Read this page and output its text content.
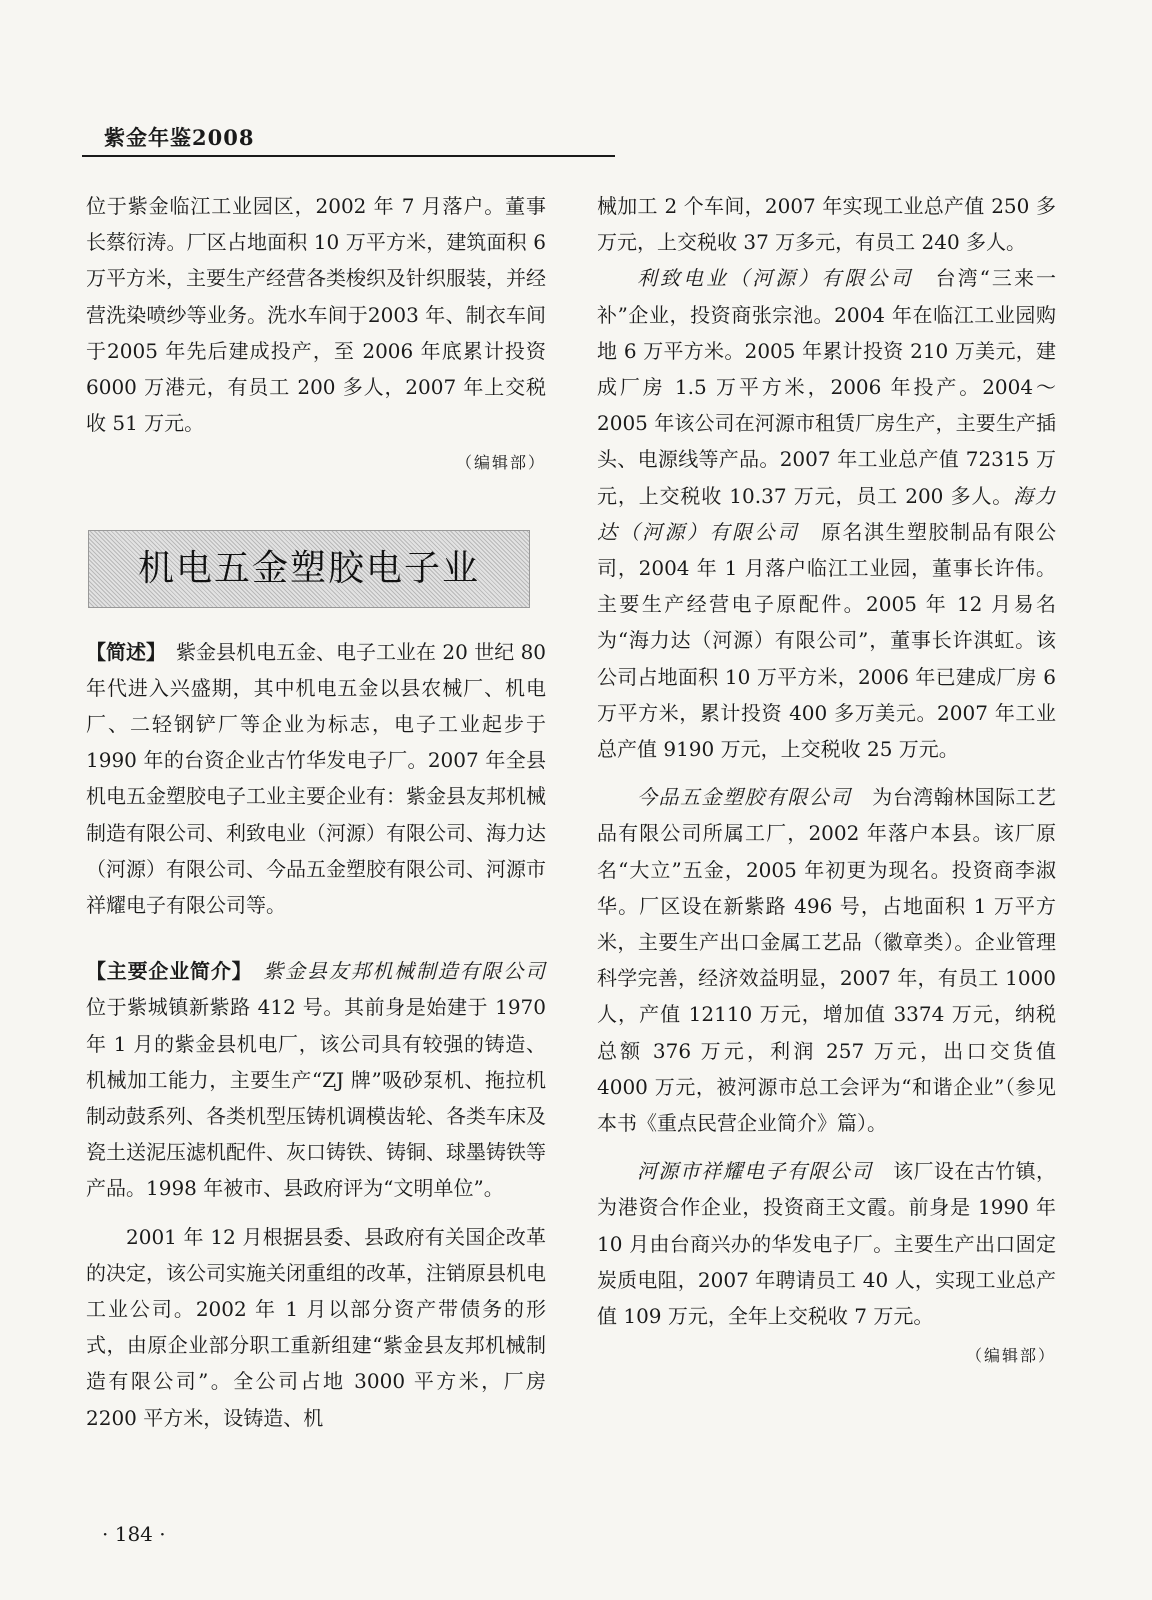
紫金年鉴2008

位于紫金临江工业园区，2002 年 7 月落户。董事长蔡衍涛。厂区占地面积 10 万平方米，建筑面积 6 万平方米，主要生产经营各类梭织及针织服装，并经营洗染喷纱等业务。洗水车间于2003 年、制衣车间于2005 年先后建成投产，至 2006 年底累计投资 6000 万港元，有员工 200 多人，2007 年上交税收 51 万元。

（编辑部）

机电五金塑胶电子业

【简述】　 紫金县机电五金、电子工业在 20 世纪 80 年代进入兴盛期，其中机电五金以县农械厂、机电厂、二轻钢铲厂等企业为标志，电子工业起步于 1990 年的台资企业古竹华发电子厂。2007 年全县机电五金塑胶电子工业主要企业有：紫金县友邦机械制造有限公司、利致电业（河源）有限公司、海力达（河源）有限公司、今品五金塑胶有限公司、河源市祥耀电子有限公司等。

【主要企业简介】　 紫金县友邦机械制造有限公司　位于紫城镇新紫路 412 号。其前身是始建于 1970 年 1 月的紫金县机电厂，该公司具有较强的铸造、机械加工能力，主要生产“ZJ 牌”吸砂泵机、拖拉机制动鼓系列、各类机型压铸机调模齿轮、各类车床及瓷土送泥压滤机配件、灰口铸铁、铸铜、球墨铸铁等产品。1998 年被市、县政府评为“文明单位”。

2001 年 12 月根据县委、县政府有关国企改革的决定，该公司实施关闭重组的改革，注销原县机电工业公司。2002 年 1 月以部分资产带债务的形式，由原企业部分职工重新组建“紫金县友邦机械制造有限公司”。全公司占地 3000 平方米，厂房 2200 平方米，设铸造、机

械加工 2 个车间，2007 年实现工业总产值 250 多万元，上交税收 37 万多元，有员工 240 多人。

利致电业（河源）有限公司　 台湾“三来一补”企业，投资商张宗池。2004 年在临江工业园购地 6 万平方米。2005 年累计投资 210 万美元，建成厂房 1.5 万平方米，2006 年投产。2004～2005 年该公司在河源市租赁厂房生产，主要生产插头、电源线等产品。2007 年工业总产值 72315 万元，上交税收 10.37 万元，员工 200 多人。海力达（河源）有限公司　 原名淇生塑胶制品有限公司，2004 年 1 月落户临江工业园，董事长许伟。主要生产经营电子原配件。2005 年 12 月易名为“海力达（河源）有限公司”，董事长许淇虹。该公司占地面积 10 万平方米，2006 年已建成厂房 6 万平方米，累计投资 400 多万美元。2007 年工业总产值 9190 万元，上交税收 25 万元。

今品五金塑胶有限公司　 为台湾翰林国际工艺品有限公司所属工厂，2002 年落户本县。该厂原名“大立”五金，2005 年初更为现名。投资商李淑华。厂区设在新紫路 496 号，占地面积 1 万平方米，主要生产出口金属工艺品（徽章类）。企业管理科学完善，经济效益明显，2007 年，有员工 1000 人，产值 12110 万元，增加值 3374 万元，纳税总额 376 万元，利润 257 万元，出口交货值 4000 万元，被河源市总工会评为“和谐企业”（参见本书《重点民营企业简介》篇）。

河源市祥耀电子有限公司　 该厂设在古竹镇，为港资合作企业，投资商王文霞。前身是 1990 年 10 月由台商兴办的华发电子厂。主要生产出口固定炭质电阻，2007 年聘请员工 40 人，实现工业总产值 109 万元，全年上交税收 7 万元。

（编辑部）

· 184 ·
